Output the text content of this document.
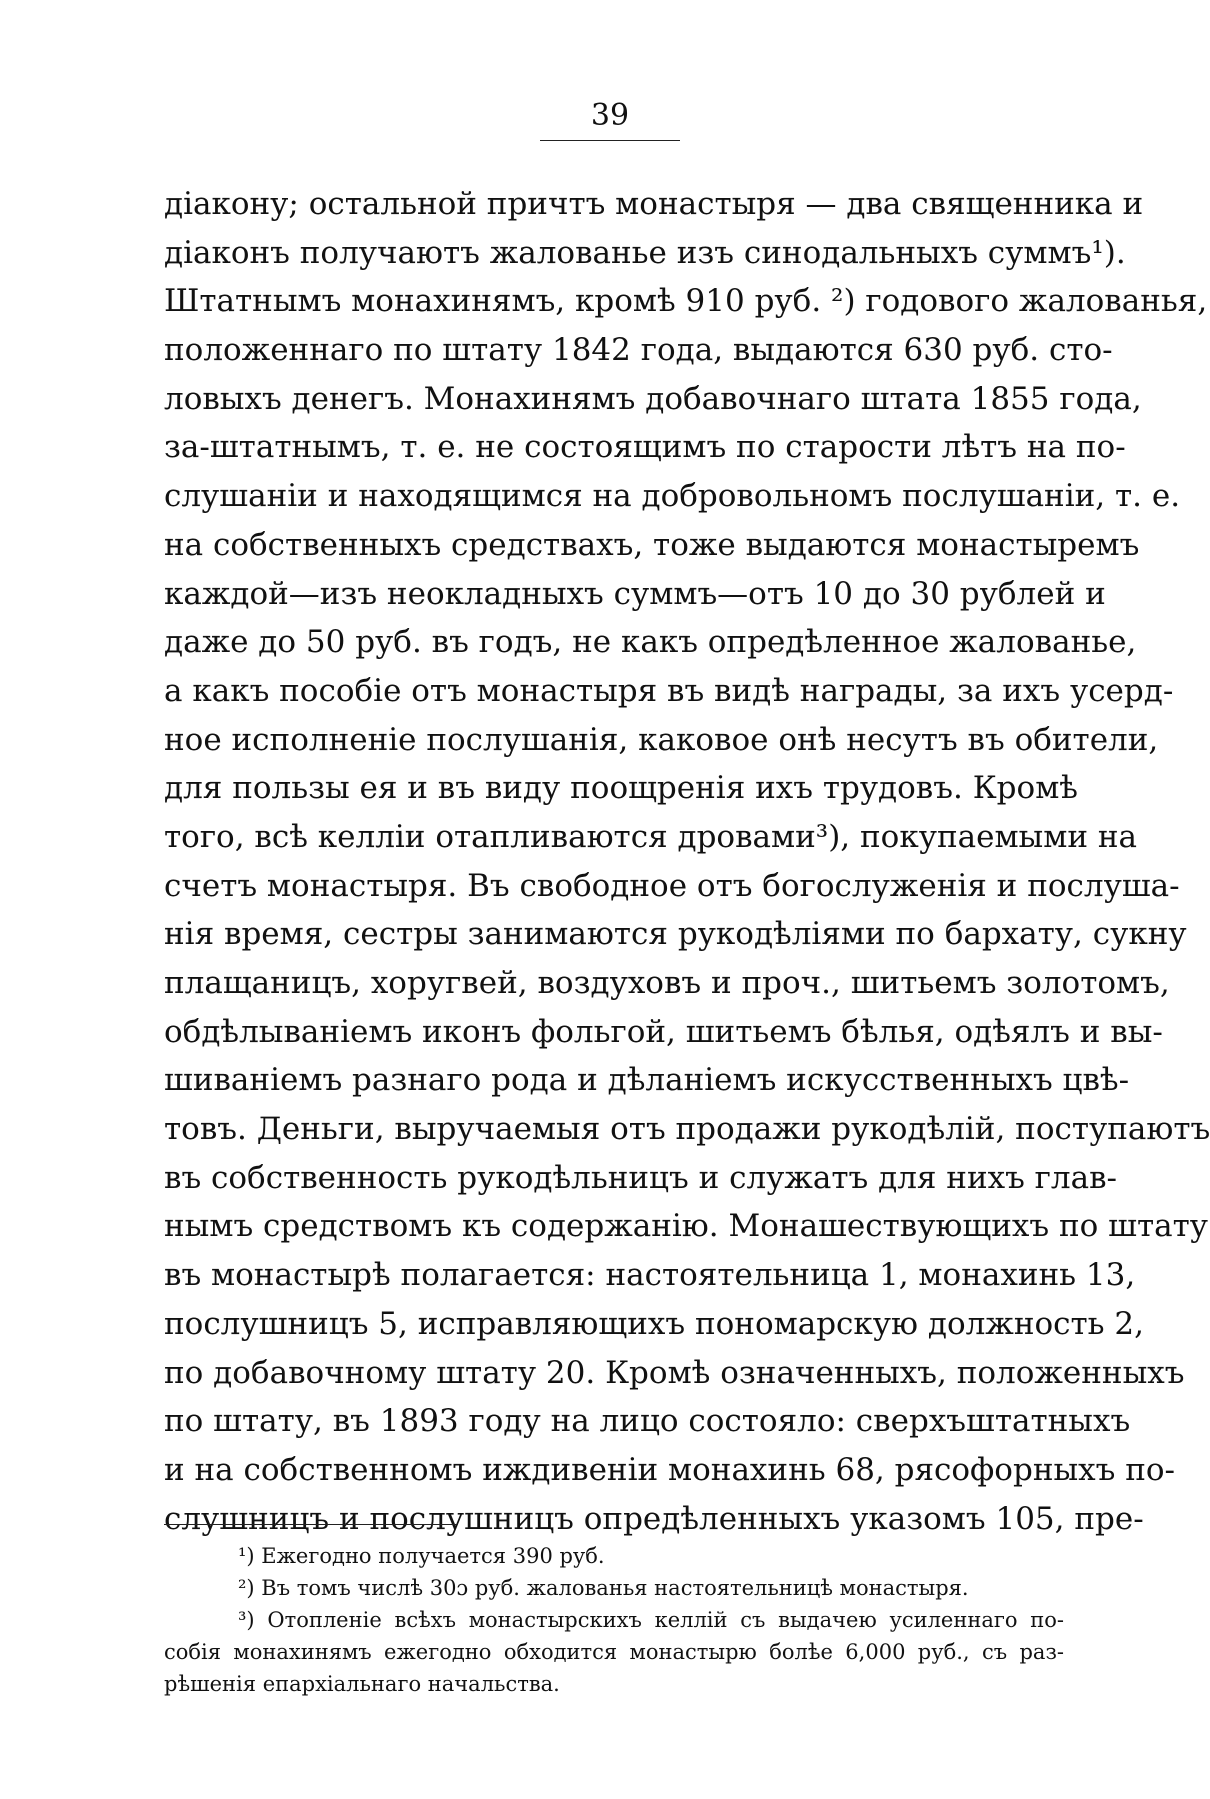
39
діакону; остальной причтъ монастыря — два священника и
діаконъ получаютъ жалованье изъ синодальныхъ суммъ¹).
Штатнымъ монахинямъ, кромѣ 910 руб. ²) годового жалованья,
положеннаго по штату 1842 года, выдаются 630 руб. сто-
ловыхъ денегъ. Монахинямъ добавочнаго штата 1855 года,
за-штатнымъ, т. е. не состоящимъ по старости лѣтъ на по-
слушаніи и находящимся на добровольномъ послушаніи, т. е.
на собственныхъ средствахъ, тоже выдаются монастыремъ
каждой—изъ неокладныхъ суммъ—отъ 10 до 30 рублей и
даже до 50 руб. въ годъ, не какъ опредѣленное жалованье,
а какъ пособіе отъ монастыря въ видѣ награды, за ихъ усерд-
ное исполненіе послушанія, каковое онѣ несутъ въ обители,
для пользы ея и въ виду поощренія ихъ трудовъ. Кромѣ
того, всѣ келліи отапливаются дровами³), покупаемыми на
счетъ монастыря. Въ свободное отъ богослуженія и послуша-
нія время, сестры занимаются рукодѣліями по бархату, сукну
плащаницъ, хоругвей, воздуховъ и проч., шитьемъ золотомъ,
обдѣлываніемъ иконъ фольгой, шитьемъ бѣлья, одѣялъ и вы-
шиваніемъ разнаго рода и дѣланіемъ искусственныхъ цвѣ-
товъ. Деньги, выручаемыя отъ продажи рукодѣлій, поступаютъ
въ собственность рукодѣльницъ и служатъ для нихъ глав-
нымъ средствомъ къ содержанію. Монашествующихъ по штату
въ монастырѣ полагается: настоятельница 1, монахинь 13,
послушницъ 5, исправляющихъ пономарскую должность 2,
по добавочному штату 20. Кромѣ означенныхъ, положенныхъ
по штату, въ 1893 году на лицо состояло: сверхъштатныхъ
и на собственномъ иждивеніи монахинь 68, рясофорныхъ по-
слушницъ и послушницъ опредѣленныхъ указомъ 105, пре-
¹) Ежегодно получается 390 руб.
²) Въ томъ числѣ 30ɔ руб. жалованья настоятельницѣ монастыря.
³) Отопленіе всѣхъ монастырскихъ келлій съ выдачею усиленнаго по-
собія монахинямъ ежегодно обходится монастырю болѣе 6,000 руб., съ раз-
рѣшенія епархіальнаго начальства.
